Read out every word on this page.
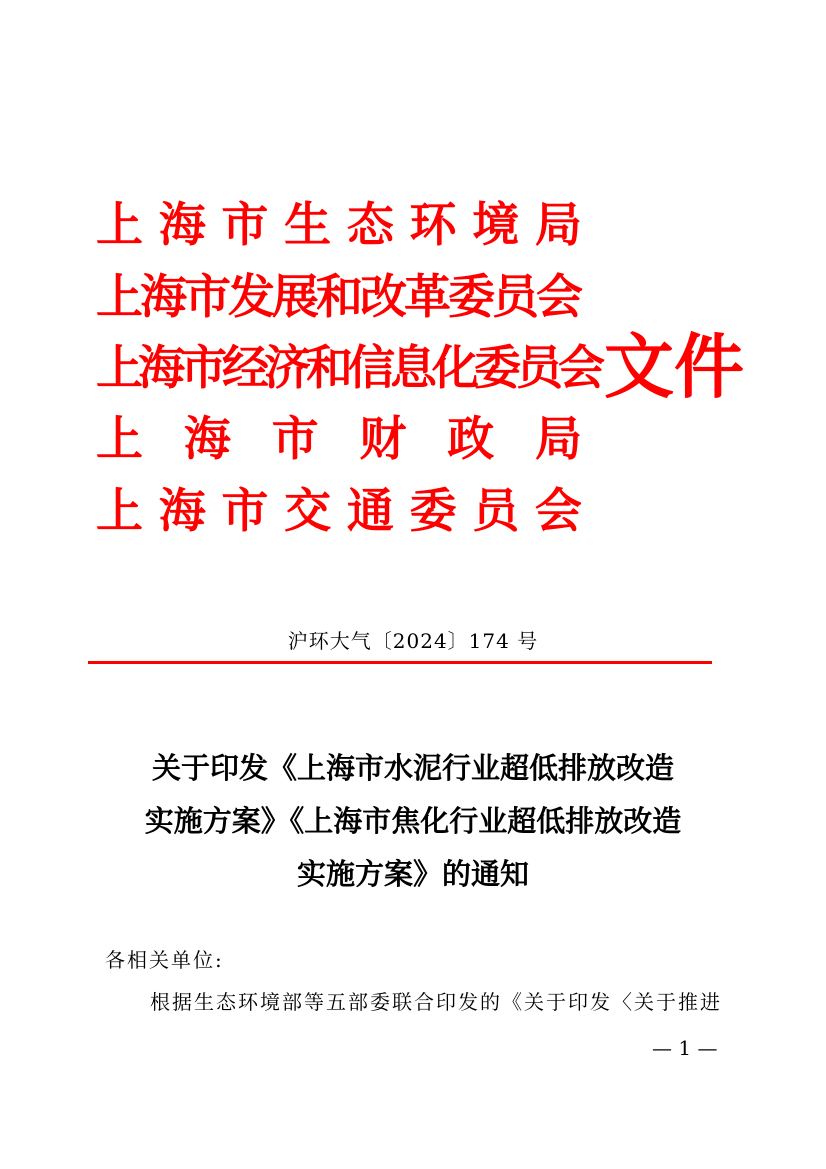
上 海 市 生 态 环 境 局
上海市发展和改革委员会
上海市经济和信息化委员会
上 海 市 财 政 局
上 海 市 交 通 委 员 会
文件
沪环大气〔2024〕174 号
关于印发《上海市水泥行业超低排放改造
实施方案》《上海市焦化行业超低排放改造
实施方案》的通知
各相关单位:
根据生态环境部等五部委联合印发的《关于印发〈关于推进
— 1 —
